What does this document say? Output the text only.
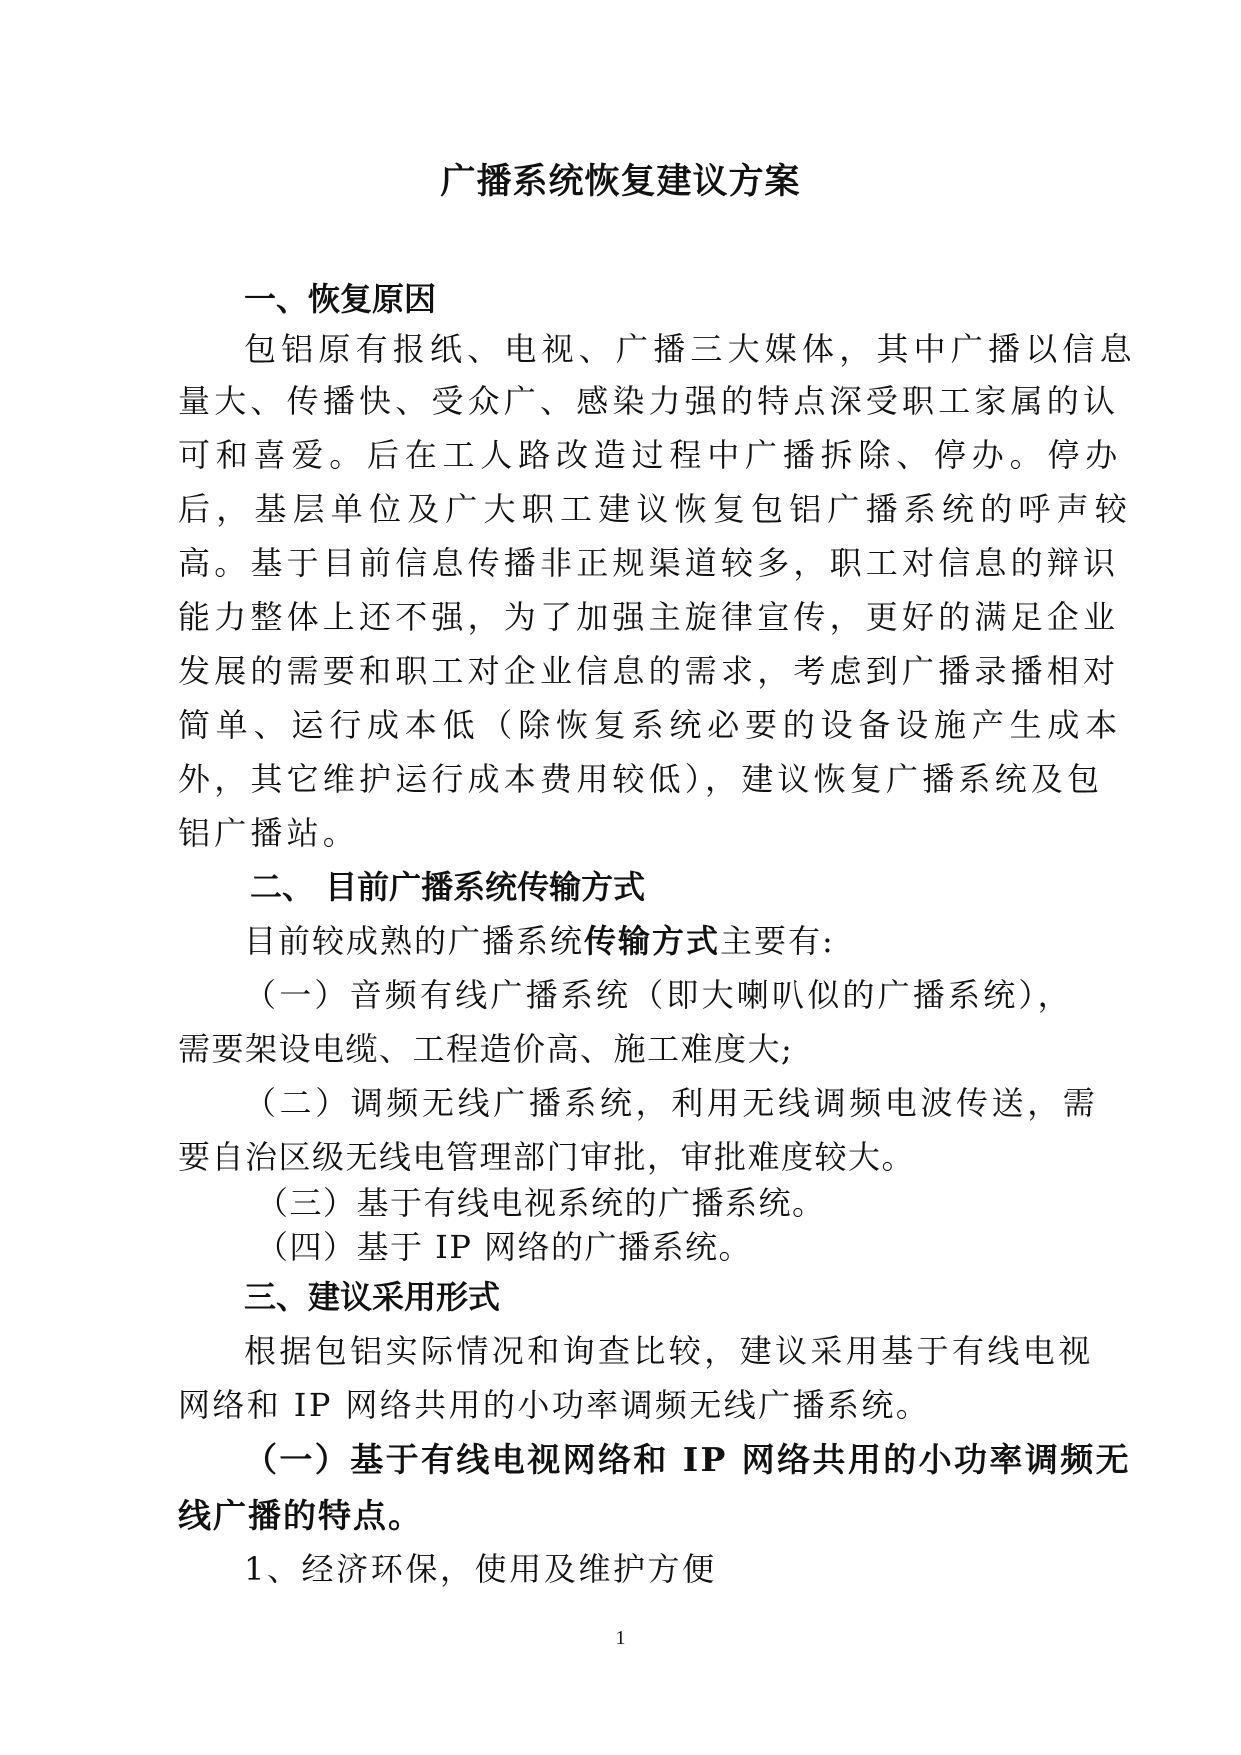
广播系统恢复建议方案
一、恢复原因
包铝原有报纸、电视、广播三大媒体，其中广播以信息
量大、传播快、受众广、感染力强的特点深受职工家属的认
可和喜爱。后在工人路改造过程中广播拆除、停办。停办
后，基层单位及广大职工建议恢复包铝广播系统的呼声较
高。基于目前信息传播非正规渠道较多，职工对信息的辩识
能力整体上还不强，为了加强主旋律宣传，更好的满足企业
发展的需要和职工对企业信息的需求，考虑到广播录播相对
简单、运行成本低（除恢复系统必要的设备设施产生成本
外，其它维护运行成本费用较低），建议恢复广播系统及包
铝广播站。
二、 目前广播系统传输方式
目前较成熟的广播系统传输方式主要有:
（一）音频有线广播系统（即大喇叭似的广播系统），
需要架设电缆、工程造价高、施工难度大;
（二）调频无线广播系统，利用无线调频电波传送，需
要自治区级无线电管理部门审批，审批难度较大。
（三）基于有线电视系统的广播系统。
（四）基于 IP 网络的广播系统。
三、建议采用形式
根据包铝实际情况和询查比较，建议采用基于有线电视
网络和 IP 网络共用的小功率调频无线广播系统。
（一）基于有线电视网络和 IP 网络共用的小功率调频无
线广播的特点。
1、经济环保，使用及维护方便
1
